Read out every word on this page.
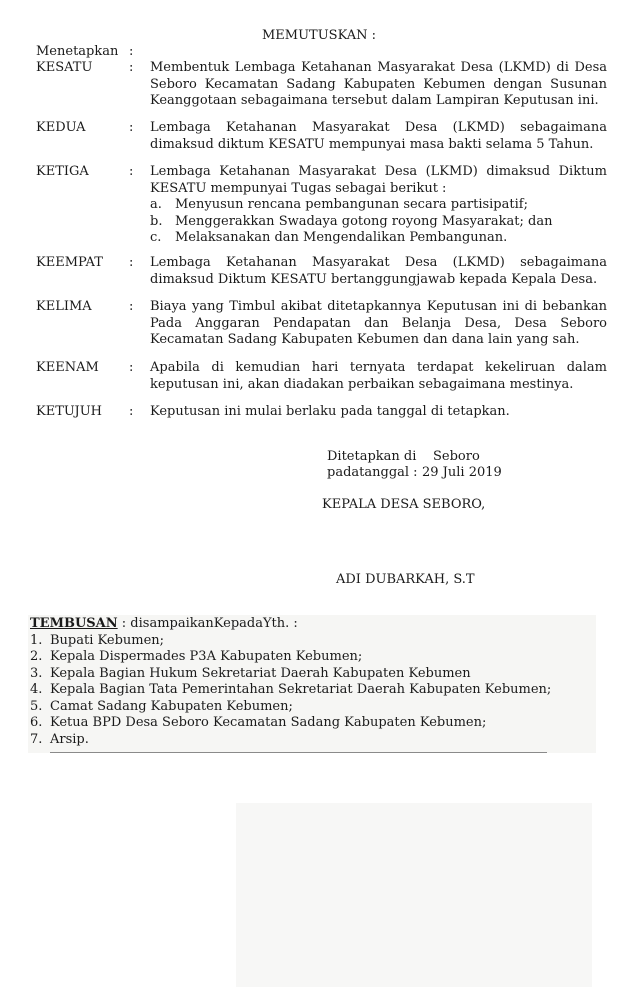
MEMUTUSKAN :
Menetapkan :
KESATU	: Membentuk Lembaga Ketahanan Masyarakat Desa (LKMD) di Desa Seboro Kecamatan Sadang Kabupaten Kebumen dengan Susunan Keanggotaan sebagaimana tersebut dalam Lampiran Keputusan ini.
KEDUA	: Lembaga Ketahanan Masyarakat Desa (LKMD) sebagaimana dimaksud diktum KESATU mempunyai masa bakti selama 5 Tahun.
KETIGA	: Lembaga Ketahanan Masyarakat Desa (LKMD) dimaksud Diktum KESATU mempunyai Tugas sebagai berikut :
a. Menyusun rencana pembangunan secara partisipatif;
b. Menggerakkan Swadaya gotong royong Masyarakat; dan
c. Melaksanakan dan Mengendalikan Pembangunan.
KEEMPAT : Lembaga Ketahanan Masyarakat Desa (LKMD) sebagaimana dimaksud Diktum KESATU bertanggungjawab kepada Kepala Desa.
KELIMA	: Biaya yang Timbul akibat ditetapkannya Keputusan ini di bebankan Pada Anggaran Pendapatan dan Belanja Desa, Desa Seboro Kecamatan Sadang Kabupaten Kebumen dan dana lain yang sah.
KEENAM : Apabila di kemudian hari ternyata terdapat kekeliruan dalam keputusan ini, akan diadakan perbaikan sebagaimana mestinya.
KETUJUH : Keputusan ini mulai berlaku pada tanggal di tetapkan.
Ditetapkan di Seboro
padatanggal : 29 Juli 2019
KEPALA DESA SEBORO,
ADI DUBARKAH, S.T
TEMBUSAN : disampaikanKepadaYth. :
1. Bupati Kebumen;
2. Kepala Dispermades P3A Kabupaten Kebumen;
3. Kepala Bagian Hukum Sekretariat Daerah Kabupaten Kebumen
4. Kepala Bagian Tata Pemerintahan Sekretariat Daerah Kabupaten Kebumen;
5. Camat Sadang Kabupaten Kebumen;
6. Ketua BPD Desa Seboro Kecamatan Sadang Kabupaten Kebumen;
7. Arsip.
